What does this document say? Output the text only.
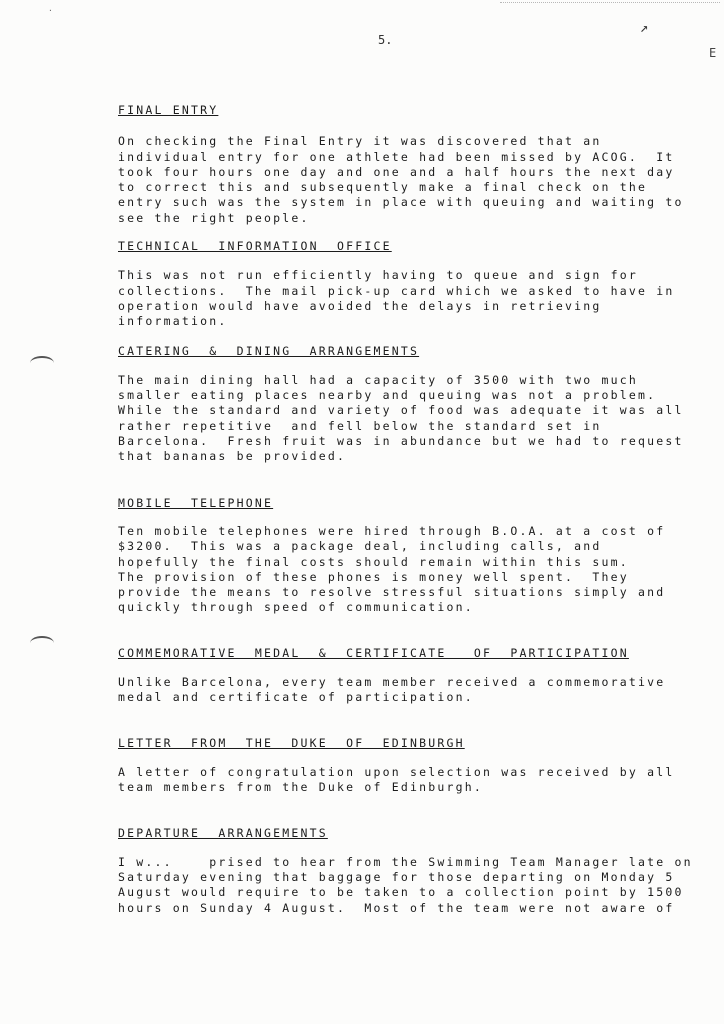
·
5.
↗
E
FINAL ENTRY
On checking the Final Entry it was discovered that an
individual entry for one athlete had been missed by ACOG.  It
took four hours one day and one and a half hours the next day
to correct this and subsequently make a final check on the
entry such was the system in place with queuing and waiting to
see the right people.
TECHNICAL  INFORMATION  OFFICE
This was not run efficiently having to queue and sign for
collections.  The mail pick-up card which we asked to have in
operation would have avoided the delays in retrieving
information.
CATERING  &  DINING  ARRANGEMENTS
The main dining hall had a capacity of 3500 with two much
smaller eating places nearby and queuing was not a problem.
While the standard and variety of food was adequate it was all
rather repetitive  and fell below the standard set in
Barcelona.  Fresh fruit was in abundance but we had to request
that bananas be provided.
MOBILE  TELEPHONE
Ten mobile telephones were hired through B.O.A. at a cost of
$3200.  This was a package deal, including calls, and
hopefully the final costs should remain within this sum.
The provision of these phones is money well spent.  They
provide the means to resolve stressful situations simply and
quickly through speed of communication.
COMMEMORATIVE  MEDAL  &  CERTIFICATE   OF  PARTICIPATION
Unlike Barcelona, every team member received a commemorative
medal and certificate of participation.
LETTER  FROM  THE  DUKE  OF  EDINBURGH
A letter of congratulation upon selection was received by all
team members from the Duke of Edinburgh.
DEPARTURE  ARRANGEMENTS
I w...    prised to hear from the Swimming Team Manager late on
Saturday evening that baggage for those departing on Monday 5
August would require to be taken to a collection point by 1500
hours on Sunday 4 August.  Most of the team were not aware of
